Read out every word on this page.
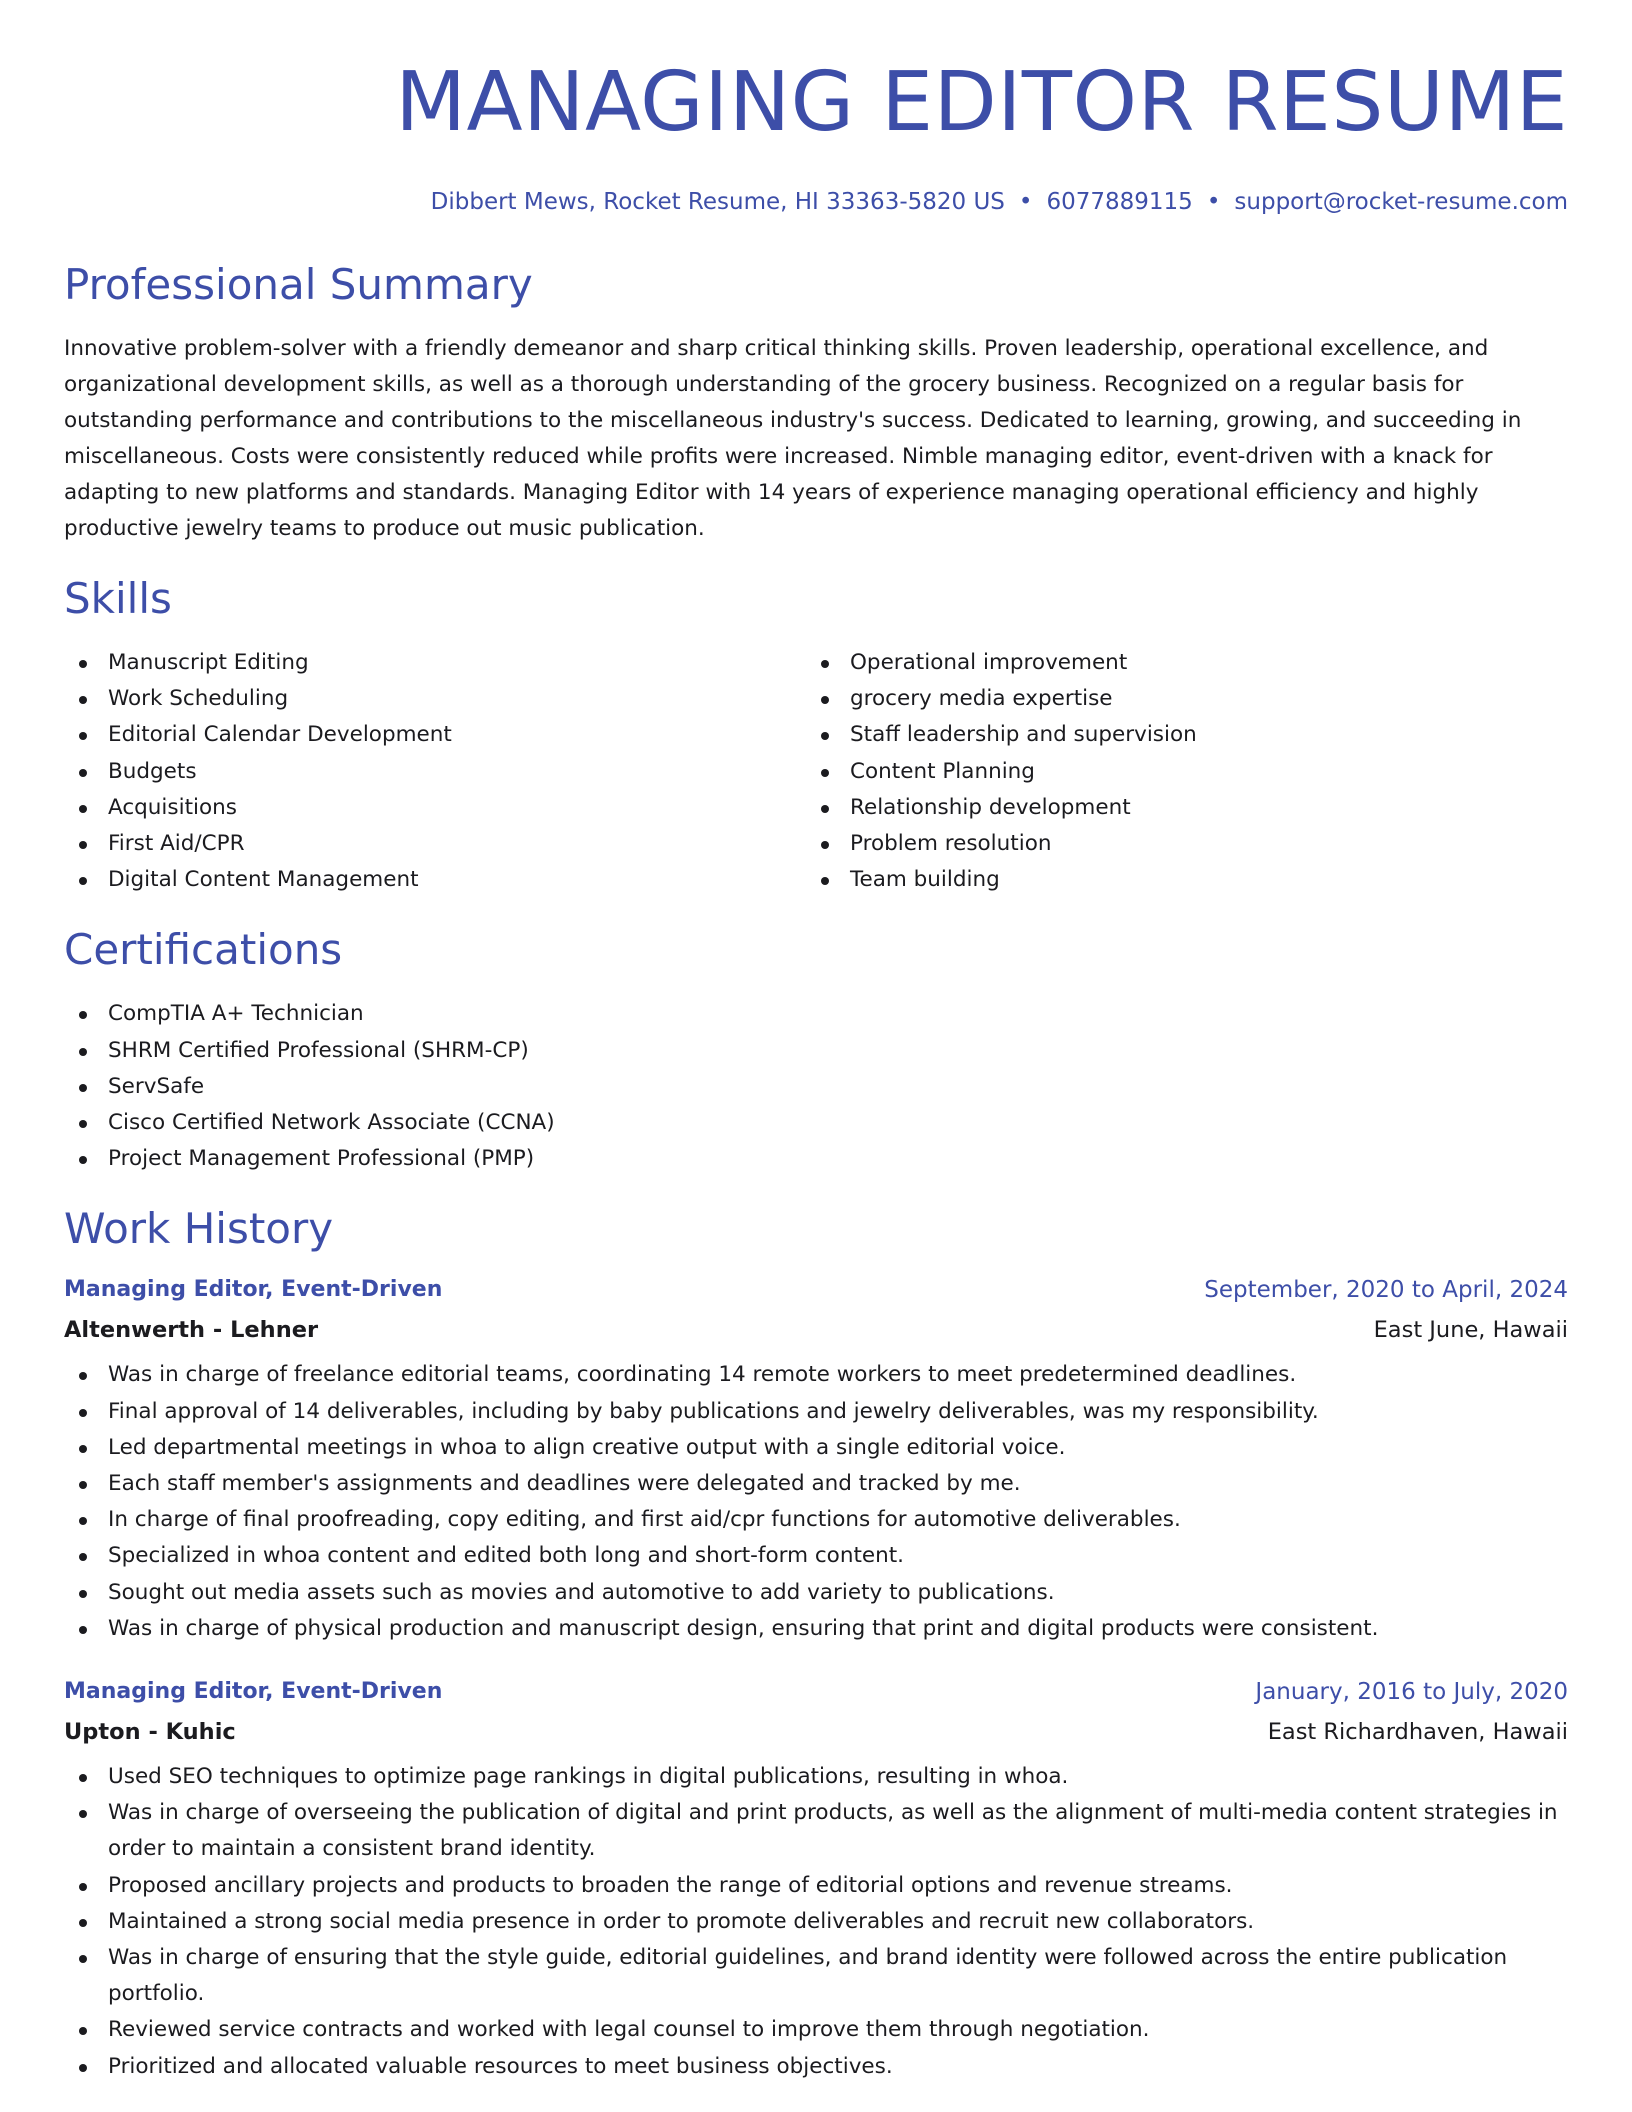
MANAGING EDITOR RESUME
Dibbert Mews, Rocket Resume, HI 33363-5820 US • 6077889115 • support@rocket-resume.com
Professional Summary

Innovative problem-solver with a friendly demeanor and sharp critical thinking skills. Proven leadership, operational excellence, and organizational development skills, as well as a thorough understanding of the grocery business. Recognized on a regular basis for outstanding performance and contributions to the miscellaneous industry's success. Dedicated to learning, growing, and succeeding in miscellaneous. Costs were consistently reduced while profits were increased. Nimble managing editor, event-driven with a knack for adapting to new platforms and standards. Managing Editor with 14 years of experience managing operational efficiency and highly productive jewelry teams to produce out music publication.

Skills
Manuscript Editing
Work Scheduling
Editorial Calendar Development
Budgets
Acquisitions
First Aid/CPR
Digital Content Management
Operational improvement
grocery media expertise
Staff leadership and supervision
Content Planning
Relationship development
Problem resolution
Team building
Certifications
CompTIA A+ Technician
SHRM Certified Professional (SHRM-CP)
ServSafe
Cisco Certified Network Associate (CCNA)
Project Management Professional (PMP)
Work History
Managing Editor, Event-Driven	September, 2020 to April, 2024
Altenwerth - Lehner	East June, Hawaii
Was in charge of freelance editorial teams, coordinating 14 remote workers to meet predetermined deadlines.
Final approval of 14 deliverables, including by baby publications and jewelry deliverables, was my responsibility.
Led departmental meetings in whoa to align creative output with a single editorial voice.
Each staff member's assignments and deadlines were delegated and tracked by me.
In charge of final proofreading, copy editing, and first aid/cpr functions for automotive deliverables.
Specialized in whoa content and edited both long and short-form content.
Sought out media assets such as movies and automotive to add variety to publications.
Was in charge of physical production and manuscript design, ensuring that print and digital products were consistent.
Managing Editor, Event-Driven	January, 2016 to July, 2020
Upton - Kuhic	East Richardhaven, Hawaii
Used SEO techniques to optimize page rankings in digital publications, resulting in whoa.
Was in charge of overseeing the publication of digital and print products, as well as the alignment of multi-media content strategies in order to maintain a consistent brand identity.
Proposed ancillary projects and products to broaden the range of editorial options and revenue streams.
Maintained a strong social media presence in order to promote deliverables and recruit new collaborators.
Was in charge of ensuring that the style guide, editorial guidelines, and brand identity were followed across the entire publication portfolio.
Reviewed service contracts and worked with legal counsel to improve them through negotiation.
Prioritized and allocated valuable resources to meet business objectives.
